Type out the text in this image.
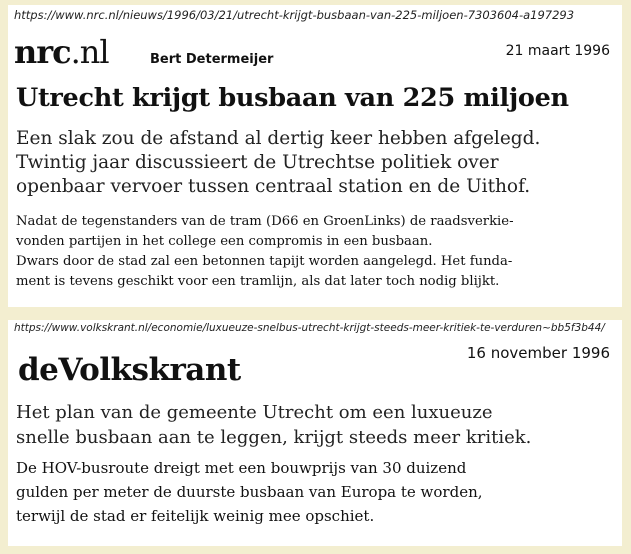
https://www.nrc.nl/nieuws/1996/03/21/utrecht-krijgt-busbaan-van-225-miljoen-7303604-a197293
nrc.nl	Bert Determeijer
21 maart 1996
Utrecht krijgt busbaan van 225 miljoen
Een slak zou de afstand al dertig keer hebben afgelegd.
Twintig jaar discussieert de Utrechtse politiek over
openbaar vervoer tussen centraal station en de Uithof.
Nadat de tegenstanders van de tram (D66 en GroenLinks) de raadsverkie-
vonden partijen in het college een compromis in een busbaan.
Dwars door de stad zal een betonnen tapijt worden aangelegd. Het funda-
ment is tevens geschikt voor een tramlijn, als dat later toch nodig blijkt.
https://www.volkskrant.nl/economie/luxueuze-snelbus-utrecht-krijgt-steeds-meer-kritiek-te-verduren~bb5f3b44/
deVolkskrant	16 november 1996
Het plan van de gemeente Utrecht om een luxueuze
snelle busbaan aan te leggen, krijgt steeds meer kritiek.
De HOV-busroute dreigt met een bouwprijs van 30 duizend
gulden per meter de duurste busbaan van Europa te worden,
terwijl de stad er feitelijk weinig mee opschiet.
